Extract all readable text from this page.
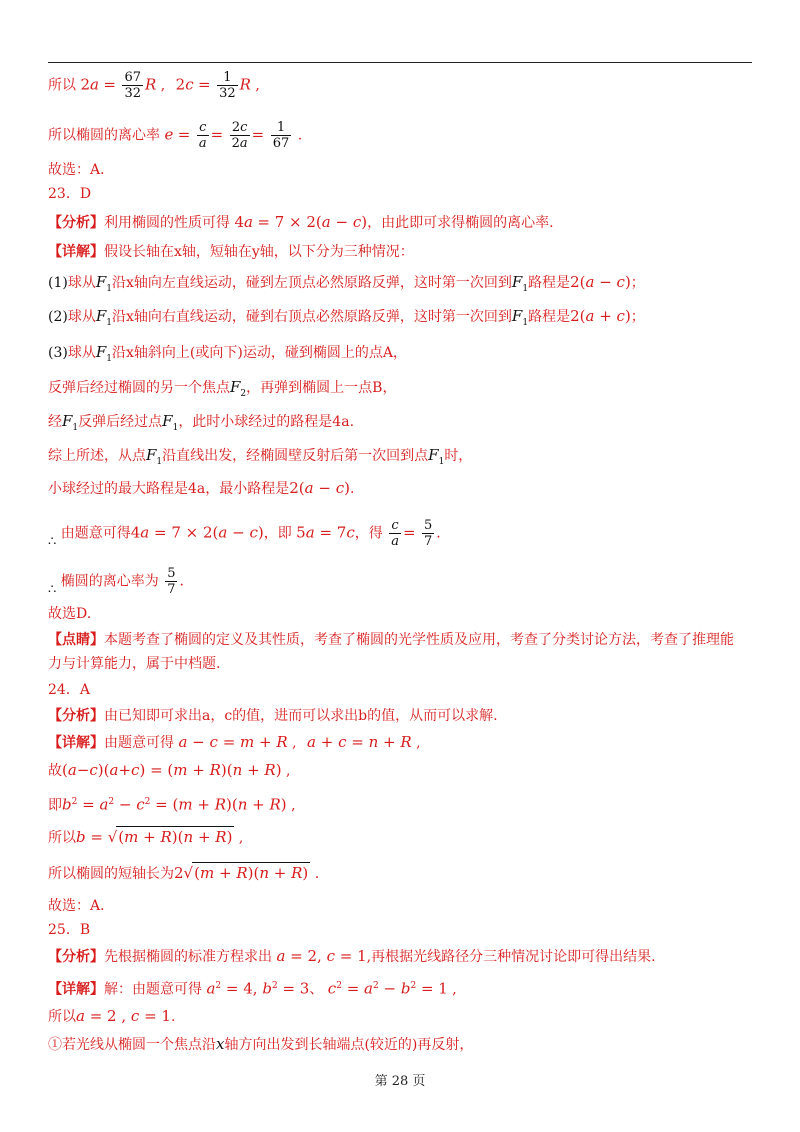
所以 $2a = \frac{67}{32}$ R , $2c = \frac{1}{32}$ R ,
所以椭圆的离心率 $e = \frac{c}{a} = \frac{2c}{2a} = \frac{1}{67}$ .
故选：A.
23．D
【分析】利用椭圆的性质可得 4a = 7 × 2(a − c)，由此即可求得椭圆的离心率.
【详解】假设长轴在x轴，短轴在y轴，以下分为三种情况：
(1)球从$F_1$沿x轴向左直线运动，碰到左顶点必然原路反弹，这时第一次回到$F_1$路程是2(a − c)；
(2)球从$F_1$沿x轴向右直线运动，碰到右顶点必然原路反弹，这时第一次回到$F_1$路程是2(a + c)；
(3)球从$F_1$沿x轴斜向上(或向下)运动，碰到椭圆上的点A，
反弹后经过椭圆的另一个焦点$F_2$，再弹到椭圆上一点B，
经$F_1$反弹后经过点$F_1$，此时小球经过的路程是4a.
综上所述，从点$F_1$沿直线出发，经椭圆壁反射后第一次回到点$F_1$时，
小球经过的最大路程是4a，最小路程是2(a − c).
∴ 由题意可得4a = 7 × 2(a − c)，即 5a = 7c，得 $\frac{c}{a} = \frac{5}{7}$ .
∴ 椭圆的离心率为 $\frac{5}{7}$ .
故选D.
【点睛】本题考查了椭圆的定义及其性质，考查了椭圆的光学性质及应用，考查了分类讨论方法，考查了推理能
力与计算能力，属于中档题.
24．A
【分析】由已知即可求出a，c的值，进而可以求出b的值，从而可以求解.
【详解】由题意可得 a − c = m + R , a + c = n + R ,
故(a−c)(a+c) = (m + R)(n + R) ,
即$b^2 = a^2 - c^2 = (m + R)(n + R)$ ,
所以b = √(m + R)(n + R) ,
所以椭圆的短轴长为2√(m + R)(n + R) .
故选：A.
25．B
【分析】先根据椭圆的标准方程求出 a = 2, c = 1,再根据光线路径分三种情况讨论即可得出结果.
【详解】解：由题意可得 $a^2 = 4$, $b^2 = 3$、 $c^2 = a^2 - b^2 = 1$ ,
所以a = 2 , c = 1.
①若光线从椭圆一个焦点沿x轴方向出发到长轴端点(较近的)再反射，
第 28 页
